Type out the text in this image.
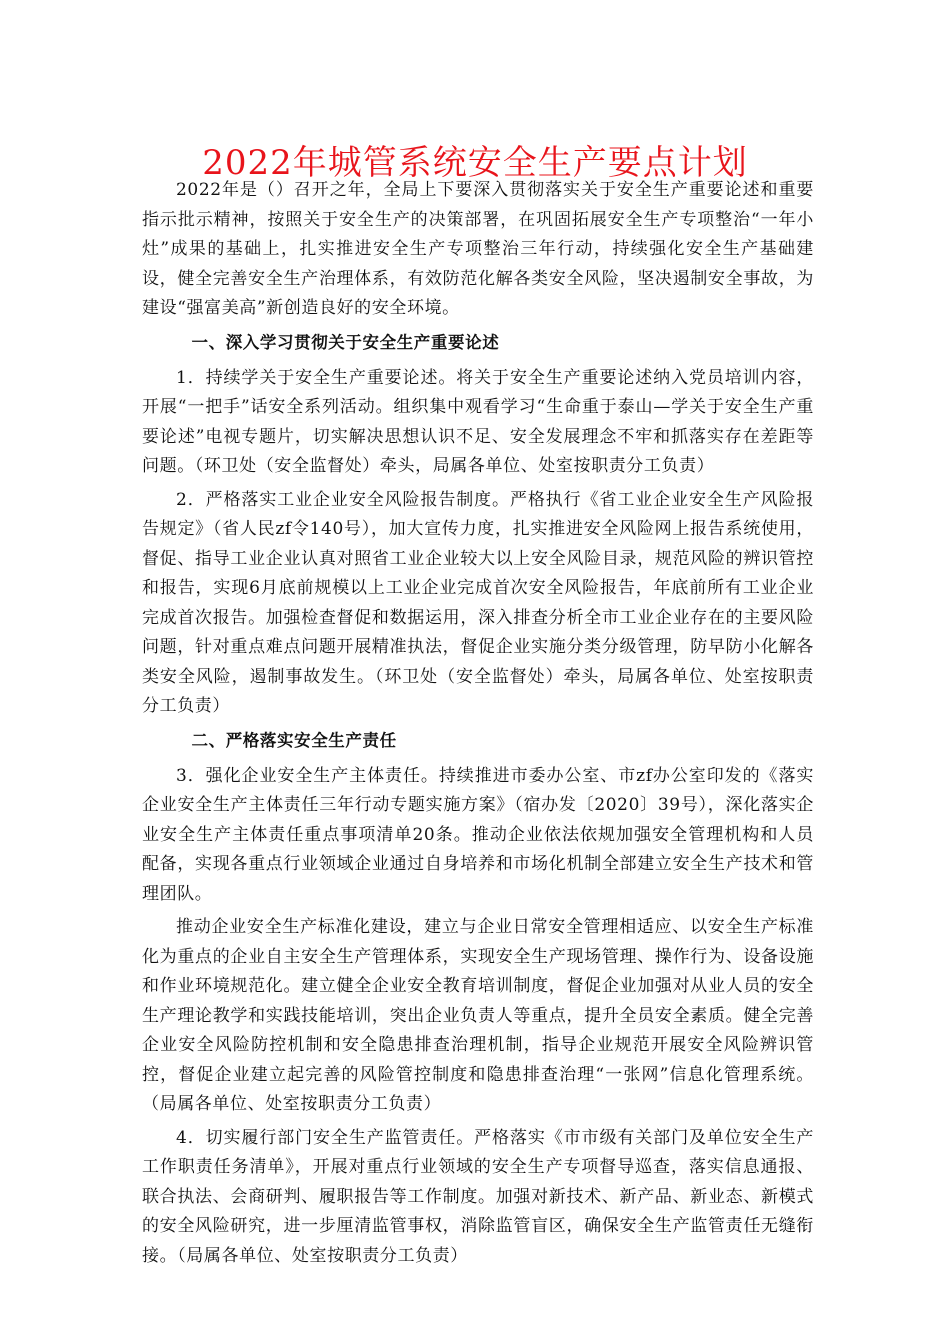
2022年城管系统安全生产要点计划

2022年是（）召开之年，全局上下要深入贯彻落实关于安全生产重要论述和重要指示批示精神，按照关于安全生产的决策部署，在巩固拓展安全生产专项整治“一年小灶”成果的基础上，扎实推进安全生产专项整治三年行动，持续强化安全生产基础建设，健全完善安全生产治理体系，有效防范化解各类安全风险，坚决遏制安全事故，为建设“强富美高”新创造良好的安全环境。

一、深入学习贯彻关于安全生产重要论述

1．持续学关于安全生产重要论述。将关于安全生产重要论述纳入党员培训内容，开展“一把手”话安全系列活动。组织集中观看学习“生命重于泰山—学关于安全生产重要论述”电视专题片，切实解决思想认识不足、安全发展理念不牢和抓落实存在差距等问题。（环卫处（安全监督处）牵头，局属各单位、处室按职责分工负责）

2．严格落实工业企业安全风险报告制度。严格执行《省工业企业安全生产风险报告规定》（省人民zf令140号），加大宣传力度，扎实推进安全风险网上报告系统使用，督促、指导工业企业认真对照省工业企业较大以上安全风险目录，规范风险的辨识管控和报告，实现6月底前规模以上工业企业完成首次安全风险报告，年底前所有工业企业完成首次报告。加强检查督促和数据运用，深入排查分析全市工业企业存在的主要风险问题，针对重点难点问题开展精准执法，督促企业实施分类分级管理，防早防小化解各类安全风险，遏制事故发生。（环卫处（安全监督处）牵头，局属各单位、处室按职责分工负责）

二、严格落实安全生产责任

3．强化企业安全生产主体责任。持续推进市委办公室、市zf办公室印发的《落实企业安全生产主体责任三年行动专题实施方案》（宿办发〔2020〕39号），深化落实企业安全生产主体责任重点事项清单20条。推动企业依法依规加强安全管理机构和人员配备，实现各重点行业领域企业通过自身培养和市场化机制全部建立安全生产技术和管理团队。

推动企业安全生产标准化建设，建立与企业日常安全管理相适应、以安全生产标准化为重点的企业自主安全生产管理体系，实现安全生产现场管理、操作行为、设备设施和作业环境规范化。建立健全企业安全教育培训制度，督促企业加强对从业人员的安全生产理论教学和实践技能培训，突出企业负责人等重点，提升全员安全素质。健全完善企业安全风险防控机制和安全隐患排查治理机制，指导企业规范开展安全风险辨识管控，督促企业建立起完善的风险管控制度和隐患排查治理“一张网”信息化管理系统。（局属各单位、处室按职责分工负责）

4．切实履行部门安全生产监管责任。严格落实《市市级有关部门及单位安全生产工作职责任务清单》，开展对重点行业领域的安全生产专项督导巡查，落实信息通报、联合执法、会商研判、履职报告等工作制度。加强对新技术、新产品、新业态、新模式的安全风险研究，进一步厘清监管事权，消除监管盲区，确保安全生产监管责任无缝衔接。（局属各单位、处室按职责分工负责）
